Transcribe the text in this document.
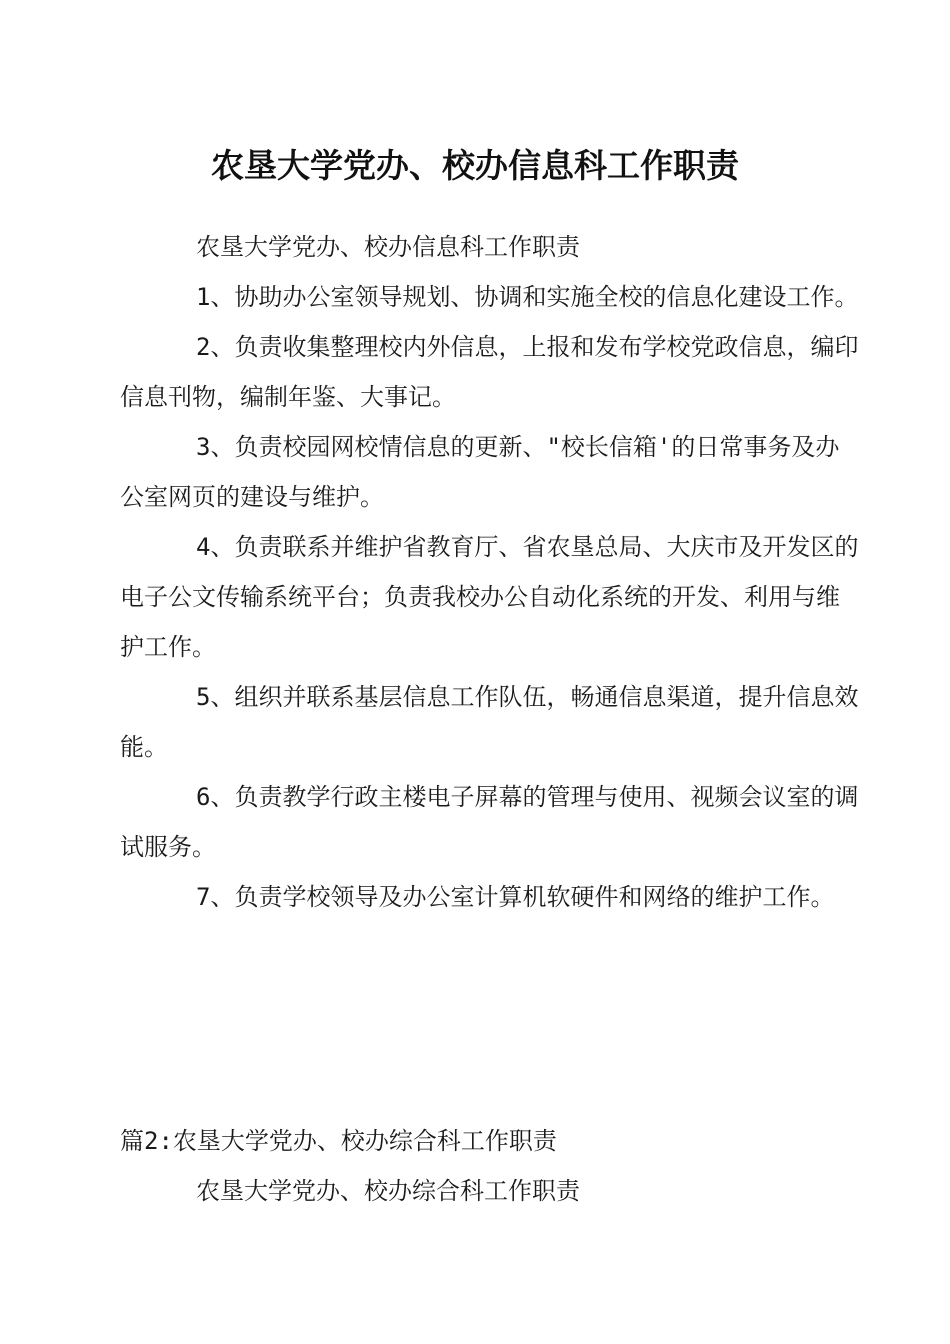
农垦大学党办、校办信息科工作职责

农垦大学党办、校办信息科工作职责

1、协助办公室领导规划、协调和实施全校的信息化建设工作。

2、负责收集整理校内外信息，上报和发布学校党政信息，编印信息刊物，编制年鉴、大事记。

3、负责校园网校情信息的更新、"校长信箱'的日常事务及办公室网页的建设与维护。

4、负责联系并维护省教育厅、省农垦总局、大庆市及开发区的电子公文传输系统平台；负责我校办公自动化系统的开发、利用与维护工作。

5、组织并联系基层信息工作队伍，畅通信息渠道，提升信息效能。

6、负责教学行政主楼电子屏幕的管理与使用、视频会议室的调试服务。

7、负责学校领导及办公室计算机软硬件和网络的维护工作。

篇2:农垦大学党办、校办综合科工作职责

农垦大学党办、校办综合科工作职责
